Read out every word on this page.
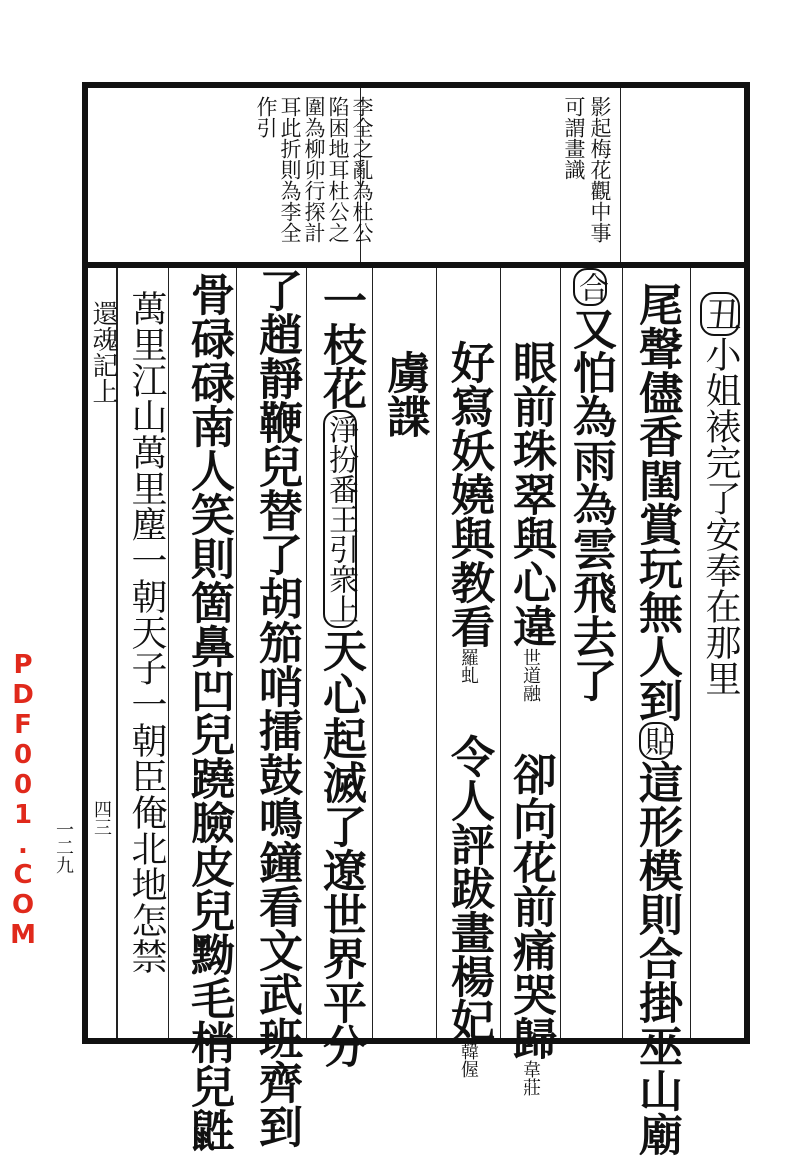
影起梅花觀中事
可謂畫識
李全之亂為杜公
陷困地耳杜公之
圍為柳卯行探計
耳此折則為李全
作引
丑小姐裱完了安奉在那里
尾聲儘香閨賞玩無人到貼這形模則合掛巫山廟
合又怕為雨為雲飛去了
眼前珠翠與心違世道融卻向花前痛哭歸韋莊
好寫妖嬈與教看羅虬令人評跋畫楊妃韓偓
虜諜
一枝花淨扮番王引衆上天心起滅了遼世界平分
了趙靜鞭兒替了胡笳哨擂鼓鳴鐘看文武班齊到
骨碌碌南人笑則箇鼻凹兒蹺臉皮兒黝毛梢兒鼪
萬里江山萬里塵一朝天子一朝臣俺北地怎禁
還魂記上
四三
PDF001.COM 一二九
